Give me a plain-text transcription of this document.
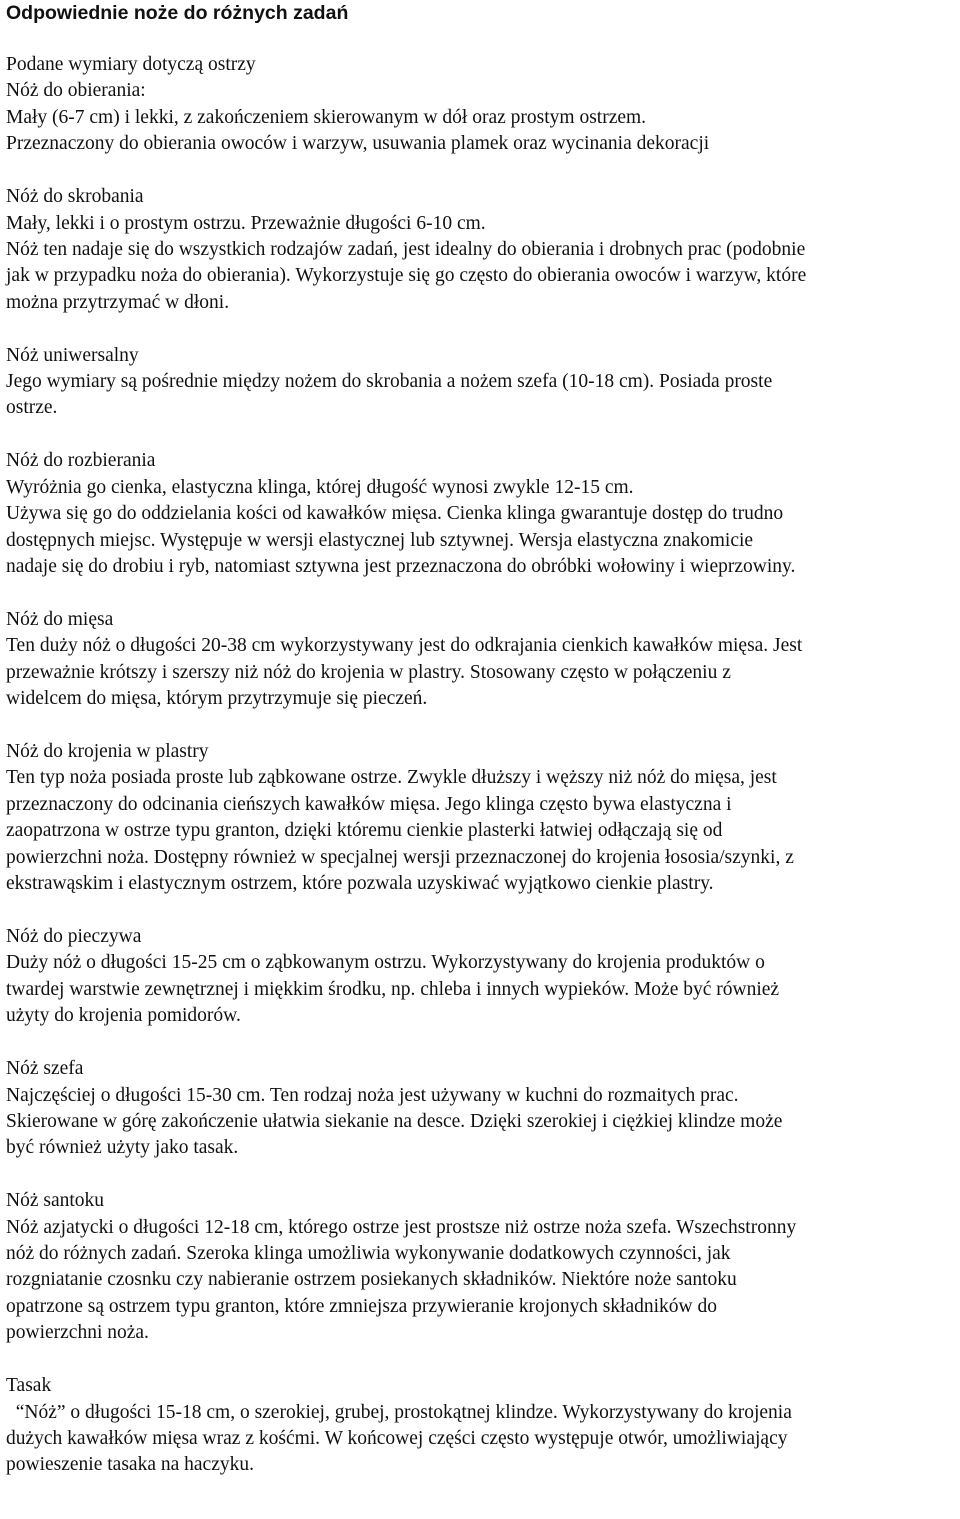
Odpowiednie noże do różnych zadań

Podane wymiary dotyczą ostrzy

Nóż do obierania:

Mały (6-7 cm) i lekki, z zakończeniem skierowanym w dół oraz prostym ostrzem.
Przeznaczony do obierania owoców i warzyw, usuwania plamek oraz wycinania dekoracji

Nóż do skrobania

Mały, lekki i o prostym ostrzu. Przeważnie długości 6-10 cm.
Nóż ten nadaje się do wszystkich rodzajów zadań, jest idealny do obierania i drobnych prac (podobnie
jak w przypadku noża do obierania). Wykorzystuje się go często do obierania owoców i warzyw, które
można przytrzymać w dłoni.

Nóż uniwersalny

Jego wymiary są pośrednie między nożem do skrobania a nożem szefa (10-18 cm). Posiada proste
ostrze.

Nóż do rozbierania

Wyróżnia go cienka, elastyczna klinga, której długość wynosi zwykle 12-15 cm.
Używa się go do oddzielania kości od kawałków mięsa. Cienka klinga gwarantuje dostęp do trudno
dostępnych miejsc. Występuje w wersji elastycznej lub sztywnej. Wersja elastyczna znakomicie
nadaje się do drobiu i ryb, natomiast sztywna jest przeznaczona do obróbki wołowiny i wieprzowiny.

Nóż do mięsa

Ten duży nóż o długości 20-38 cm wykorzystywany jest do odkrajania cienkich kawałków mięsa. Jest
przeważnie krótszy i szerszy niż nóż do krojenia w plastry. Stosowany często w połączeniu z
widelcem do mięsa, którym przytrzymuje się pieczeń.

Nóż do krojenia w plastry

Ten typ noża posiada proste lub ząbkowane ostrze. Zwykle dłuższy i węższy niż nóż do mięsa, jest
przeznaczony do odcinania cieńszych kawałków mięsa. Jego klinga często bywa elastyczna i
zaopatrzona w ostrze typu granton, dzięki któremu cienkie plasterki łatwiej odłączają się od
powierzchni noża. Dostępny również w specjalnej wersji przeznaczonej do krojenia łososia/szynki, z
ekstrawąskim i elastycznym ostrzem, które pozwala uzyskiwać wyjątkowo cienkie plastry.

Nóż do pieczywa

Duży nóż o długości 15-25 cm o ząbkowanym ostrzu. Wykorzystywany do krojenia produktów o
twardej warstwie zewnętrznej i miękkim środku, np. chleba i innych wypieków. Może być również
użyty do krojenia pomidorów.

Nóż szefa

Najczęściej o długości 15-30 cm. Ten rodzaj noża jest używany w kuchni do rozmaitych prac.
Skierowane w górę zakończenie ułatwia siekanie na desce. Dzięki szerokiej i ciężkiej klindze może
być również użyty jako tasak.

Nóż santoku

Nóż azjatycki o długości 12-18 cm, którego ostrze jest prostsze niż ostrze noża szefa. Wszechstronny
nóż do różnych zadań. Szeroka klinga umożliwia wykonywanie dodatkowych czynności, jak
rozgniatanie czosnku czy nabieranie ostrzem posiekanych składników. Niektóre noże santoku
opatrzone są ostrzem typu granton, które zmniejsza przywieranie krojonych składników do
powierzchni noża.

Tasak

“Nóż” o długości 15-18 cm, o szerokiej, grubej, prostokątnej klindze. Wykorzystywany do krojenia
dużych kawałków mięsa wraz z kośćmi. W końcowej części często występuje otwór, umożliwiający
powieszenie tasaka na haczyku.
